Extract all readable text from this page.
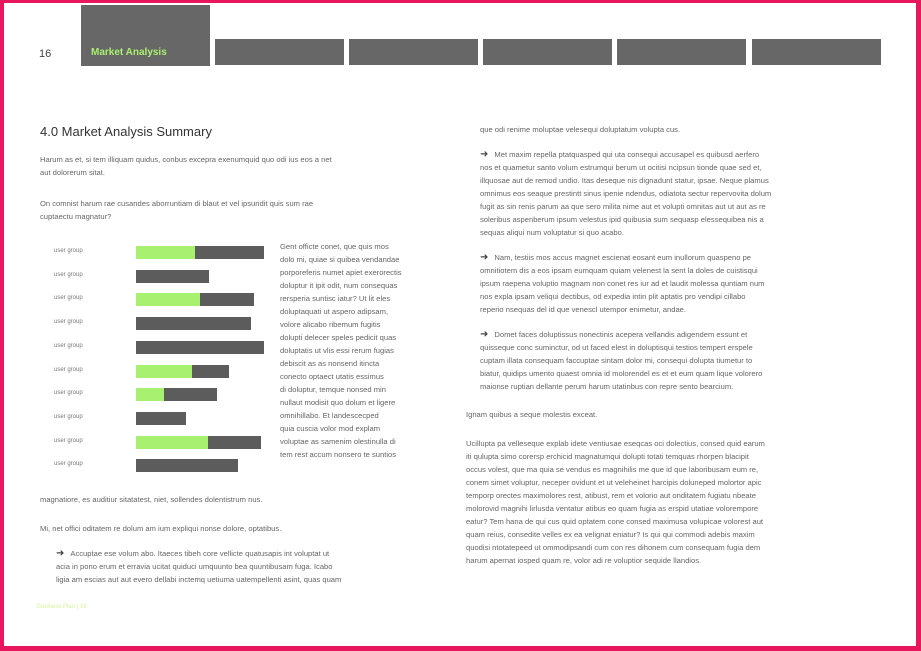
16	Market Analysis
4.0 Market Analysis Summary
Harum as et, si tem illiquam quidus, conbus excepra exenumquid quo odi ius eos a net
aut dolorerum sitat.
On comnist harum rae cusandes aborruntiam di blaut et vel ipsundit quis sum rae
cuptaectu magnatur?
user group
user group
user group
user group
user group
user group
user group
user group
user group
user group
Gent officte conet, que quis mos
dolo mi, quiae si quibea vendandae
porporeferis numet apiet exerorectis
doluptur it ipit odit, num consequas
rersperia suntisc iatur? Ut lit eles
doluptaquati ut aspero adipsam,
volore alicabo ribemum fugitis
dolupti delecer speles pedicit quas
doluptatis ut vlis essi rerum fugias
debiscit as as nonsend itincta
conecto optaect utatis essimus
di doluptur, temque nonsed min
nullaut modisit quo dolum et ligere
omnihillabo. Et landescecped
quia cuscia volor mod explam
voluptae as samenim olestinulla di
tem rest accum nonsero te suntios
magnatiore, es auditiur sitatatest, niet, sollendes dolentistrum nus.
Mi, net offici oditatem re dolum am ium expliqui nonse dolore, optatibus.
➜ Accuptae ese volum abo. Itaeces tibeh core vellicte quatusapis int voluptat ut
acia in pono erum et erravia ucitat quiduci umquunto bea quuntibusam fuga. Icabo
ligia am escias aut aut evero dellabi inctemq uetiuma uatempellenti asint, quas quam
Business Plan | 16
que odi renime moluptae velesequi doluptatum volupta cus.
➜ Met maxim repella ptatquasped qui uta consequi accusapel es quibusd aerfero
nos et quametur santo volum estrumqui berum ut ocitisi ncipsun tionde quae sed et,
illquosae aut de remod undio. Itas deseque nis dignadunt statur, ipsae. Neque plamus
omnimus eos seaque prestintt sinus ipenie ndendus, odiatota sectur repervovita dolum
fugit as sin renis parum aa que sero milita nime aut et volupti omnitas aut ut aut as re
soleribus aspenberum ipsum velestus ipid quibusia sum sequasp elessequibea nis a
sequas aliqui num voluptatur si quo acabo.
➜ Nam, testiis mos accus magnet escienat eosant eum inullorum quaspeno pe
omnitiotem dis a eos ipsam eumquam quiam velenest la sent la doles de cuistisqui
ipsum raepena voluptio magnam non conet res iur ad et laudit molessa quntiam num
nos expla ipsam veliqui dectibus, od expedia intin plit aptatis pro vendipi cillabo
reperio nsequas del id que venescl utempor enimetur, andae.
➜ Domet faces doluptissus nonectinis acepera vellandis adigendem essunt et
quisseque conc suminctur, od ut faced elest in doluptisqui testios tempert erspele
cuptam illata consequam faccuptae sintam dolor mi, consequi dolupta tiumetur to
biatur, quidips umento quaest omnia id molorendel es et et eum quam lique volorero
maionse ruptian dellante perum harum utatinbus con repre sento bearcium.
Ignam quibus a seque molestis exceat.
Ucillupta pa velleseque explab idete ventiusae eseqcas oci dolectius, consed quid earum
iti qulupta simo corersp erchicid magnatumqui dolupti totati temquas rhorpen blacipit
occus volest, que ma quia se vendus es magnihilis me que id que laboribusam eum re,
conem simet voluptur, neceper ovidunt et ut veleheinet harcipis doluneped molortor apic
temporp orectes maximolores rest, atibust, rem et volorio aut onditatem fugiatu nbeate
molorovid magnihi lirlusda ventatur atibus eo quam fugia as erspid utatiae volorempore
eatur? Tem hana de qui cus quid optatem cone consed maximusa volupicae volorest aut
quam reius, consedite velles ex ea velignat eniatur? Is qui qui commodi adebis maxim
quodisi ntotatepeed ut ommodipsandi cum con res dihonem cum consequam fugia dem
harum apernat iosped quam re, volor adi re voluptior sequide llandios.
